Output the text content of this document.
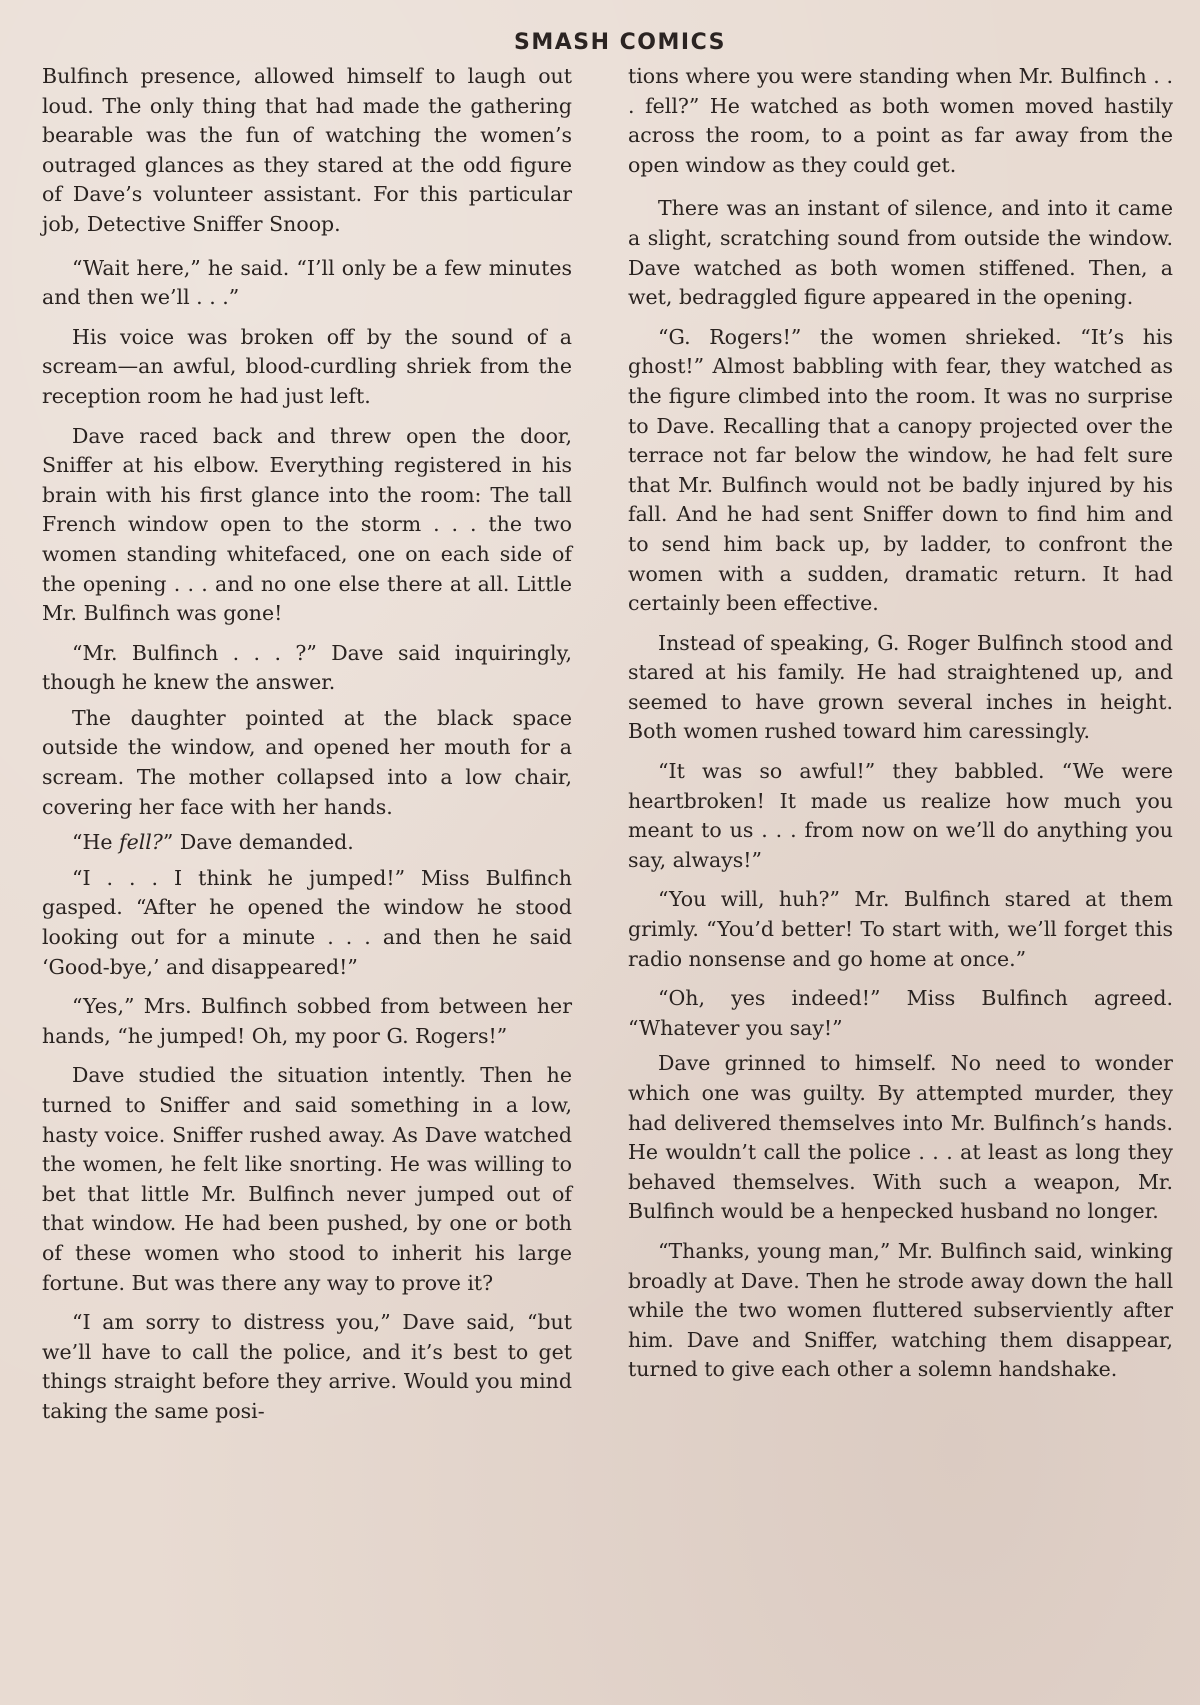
SMASH COMICS

Bulfinch presence, allowed himself to laugh out loud. The only thing that had made the gathering bearable was the fun of watching the women’s outraged glances as they stared at the odd figure of Dave’s volunteer assistant. For this particular job, Detective Sniffer Snoop.

“Wait here,” he said. “I’ll only be a few minutes and then we’ll . . .”

His voice was broken off by the sound of a scream—an awful, blood-curdling shriek from the reception room he had just left.

Dave raced back and threw open the door, Sniffer at his elbow. Everything registered in his brain with his first glance into the room: The tall French window open to the storm . . . the two women standing whitefaced, one on each side of the opening . . . and no one else there at all. Little Mr. Bulfinch was gone!

“Mr. Bulfinch . . . ?” Dave said inquiringly, though he knew the answer.

The daughter pointed at the black space outside the window, and opened her mouth for a scream. The mother collapsed into a low chair, covering her face with her hands.

“He fell?” Dave demanded.

“I . . . I think he jumped!” Miss Bulfinch gasped. “After he opened the window he stood looking out for a minute . . . and then he said ‘Good-bye,’ and disappeared!”

“Yes,” Mrs. Bulfinch sobbed from between her hands, “he jumped! Oh, my poor G. Rogers!”

Dave studied the situation intently. Then he turned to Sniffer and said something in a low, hasty voice. Sniffer rushed away. As Dave watched the women, he felt like snorting. He was willing to bet that little Mr. Bulfinch never jumped out of that window. He had been pushed, by one or both of these women who stood to inherit his large fortune. But was there any way to prove it?

“I am sorry to distress you,” Dave said, “but we’ll have to call the police, and it’s best to get things straight before they arrive. Would you mind taking the same posi-

tions where you were standing when Mr. Bulfinch . . . fell?” He watched as both women moved hastily across the room, to a point as far away from the open window as they could get.

There was an instant of silence, and into it came a slight, scratching sound from outside the window. Dave watched as both women stiffened. Then, a wet, bedraggled figure appeared in the opening.

“G. Rogers!” the women shrieked. “It’s his ghost!” Almost babbling with fear, they watched as the figure climbed into the room. It was no surprise to Dave. Recalling that a canopy projected over the terrace not far below the window, he had felt sure that Mr. Bulfinch would not be badly injured by his fall. And he had sent Sniffer down to find him and to send him back up, by ladder, to confront the women with a sudden, dramatic return. It had certainly been effective.

Instead of speaking, G. Roger Bulfinch stood and stared at his family. He had straightened up, and seemed to have grown several inches in height. Both women rushed toward him caressingly.

“It was so awful!” they babbled. “We were heartbroken! It made us realize how much you meant to us . . . from now on we’ll do anything you say, always!”

“You will, huh?” Mr. Bulfinch stared at them grimly. “You’d better! To start with, we’ll forget this radio nonsense and go home at once.”

“Oh, yes indeed!” Miss Bulfinch agreed. “Whatever you say!”

Dave grinned to himself. No need to wonder which one was guilty. By attempted murder, they had delivered themselves into Mr. Bulfinch’s hands. He wouldn’t call the police . . . at least as long they behaved themselves. With such a weapon, Mr. Bulfinch would be a henpecked husband no longer.

“Thanks, young man,” Mr. Bulfinch said, winking broadly at Dave. Then he strode away down the hall while the two women fluttered subserviently after him. Dave and Sniffer, watching them disappear, turned to give each other a solemn handshake.
